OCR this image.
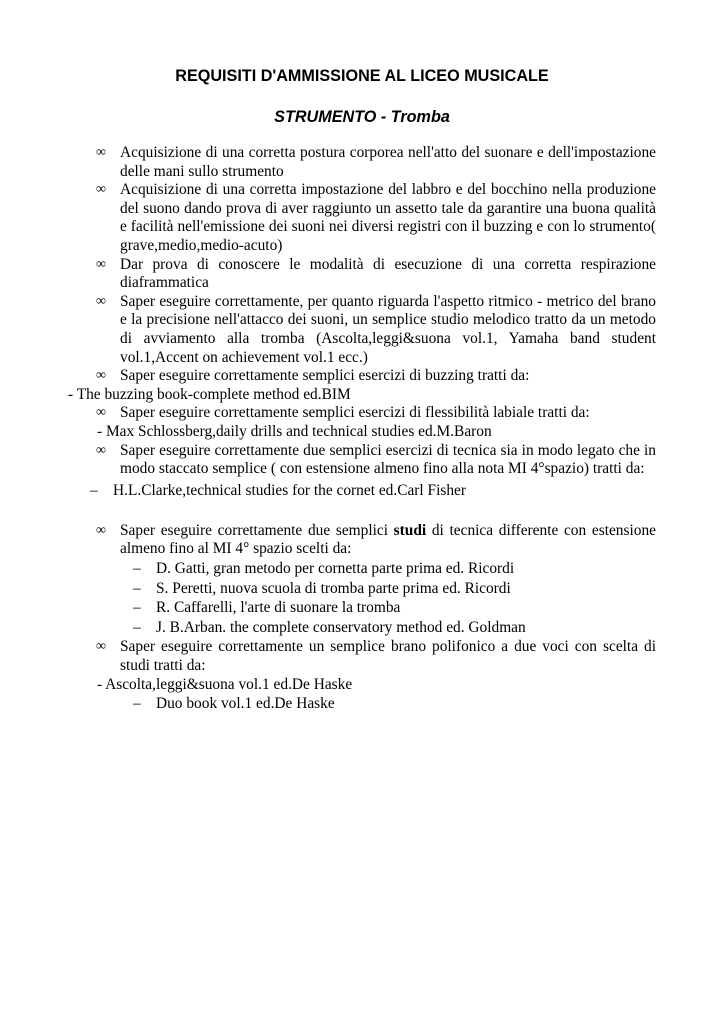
REQUISITI D'AMMISSIONE AL LICEO MUSICALE
STRUMENTO - Tromba
∞ Acquisizione di una corretta postura corporea nell'atto del suonare e dell'impostazione delle mani sullo strumento
∞ Acquisizione di una corretta impostazione del labbro e del bocchino nella produzione del suono dando prova di aver raggiunto un assetto tale da garantire una buona qualità e facilità nell'emissione dei suoni nei diversi registri con il buzzing e con lo strumento( grave,medio,medio-acuto)
∞ Dar prova di conoscere le modalità di esecuzione di una corretta respirazione diaframmatica
∞ Saper eseguire correttamente, per quanto riguarda l'aspetto ritmico - metrico del brano e la precisione nell'attacco dei suoni, un semplice studio melodico tratto da un metodo di avviamento alla tromba (Ascolta,leggi&suona vol.1, Yamaha band student vol.1,Accent on achievement vol.1 ecc.)
∞ Saper eseguire correttamente semplici esercizi di buzzing tratti da:
- The buzzing book-complete method ed.BIM
∞ Saper eseguire correttamente semplici esercizi di flessibilità labiale tratti da:
- Max Schlossberg,daily drills and technical studies ed.M.Baron
∞ Saper eseguire correttamente due semplici esercizi di tecnica sia in modo legato che in modo staccato semplice ( con estensione almeno fino alla nota MI 4°spazio) tratti da:
– H.L.Clarke,technical studies for the cornet ed.Carl Fisher
∞ Saper eseguire correttamente due semplici studi di tecnica differente con estensione almeno fino al MI 4° spazio scelti da:
– D. Gatti, gran metodo per cornetta parte prima ed. Ricordi
– S. Peretti, nuova scuola di tromba parte prima ed. Ricordi
– R. Caffarelli, l'arte di suonare la tromba
– J. B.Arban. the complete conservatory method ed. Goldman
∞ Saper eseguire correttamente un semplice brano polifonico a due voci con scelta di studi tratti da:
- Ascolta,leggi&suona vol.1 ed.De Haske
– Duo book vol.1 ed.De Haske
